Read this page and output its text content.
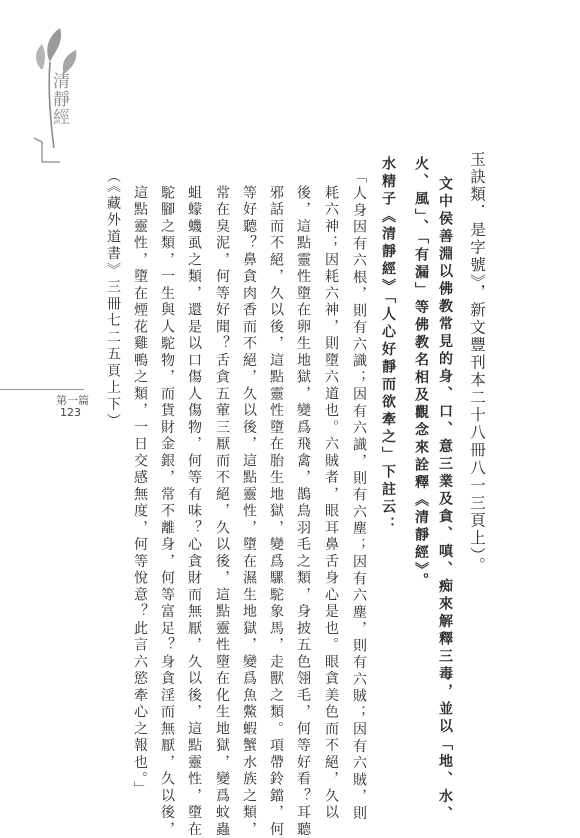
清靜經
第一篇
123	玉訣類．是字號》，新文豐刊本二十八冊八一三頁上）。
文中侯善淵以佛教常見的身、口、意三業及貪、嗔、痴來解釋三毒，並以「地、水、
火、風」、「有漏」等佛教名相及觀念來詮釋《清靜經》。
水精子《清靜經》「人心好靜而欲牽之」下註云：
「人身因有六根，則有六識；因有六識，則有六塵；因有六塵，則有六賊；因有六賊，則
耗六神；因耗六神，則墮六道也。六賊者，眼耳鼻舌身心是也。眼貪美色而不絕，久以
後，這點靈性墮在卵生地獄，變爲飛禽，鵲鳥羽毛之類，身披五色翎毛，何等好看？耳聽
邪話而不絕，久以後，這點靈性墮在胎生地獄，變爲騾駝象馬，走獸之類。項帶鈴鐺，何
等好聽？鼻貪肉香而不絕，久以後，這點靈性，墮在濕生地獄，變爲魚鱉蝦蟹水族之類，
常在臭泥，何等好聞？舌貪五葷三厭而不絕，久以後，這點靈性墮在化生地獄，變爲蚊蟲
蛆蠓蟣虱之類，還是以口傷人傷物，何等有味？心貪財而無厭，久以後，這點靈性，墮在
駝腳之類，一生與人駝物，而貨財金銀，常不離身，何等富足？身貪淫而無厭，久以後，
這點靈性，墮在煙花雞鴨之類，一日交感無度，何等悅意？此言六慾牽心之報也。」
（《藏外道書》三冊七二五頁上下）
